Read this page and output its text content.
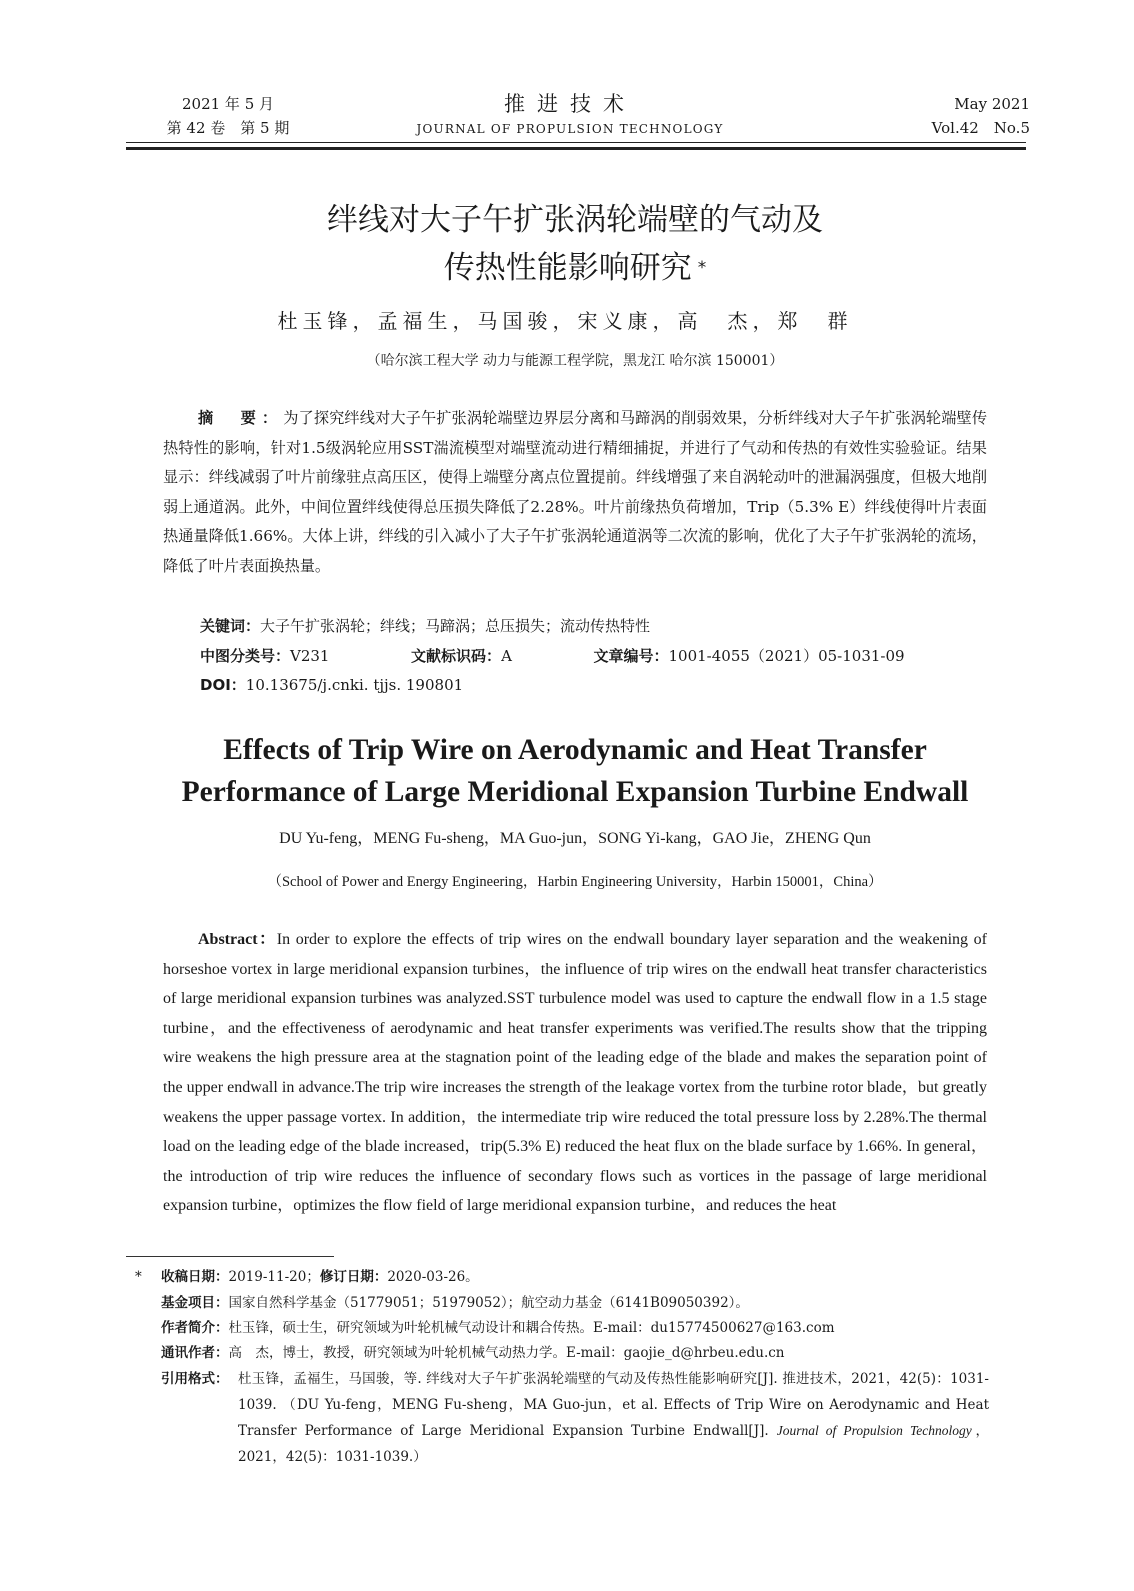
2021 年 5 月
第 42 卷　第 5 期
推进技术
JOURNAL OF PROPULSION TECHNOLOGY
May 2021
Vol.42　No.5
绊线对大子午扩张涡轮端壁的气动及
传热性能影响研究 *
杜玉锋，孟福生，马国骏，宋义康，高　杰，郑　群
（哈尔滨工程大学 动力与能源工程学院，黑龙江 哈尔滨 150001）
摘　要：为了探究绊线对大子午扩张涡轮端壁边界层分离和马蹄涡的削弱效果，分析绊线对大子午扩张涡轮端壁传热特性的影响，针对1.5级涡轮应用SST湍流模型对端壁流动进行精细捕捉，并进行了气动和传热的有效性实验验证。结果显示：绊线减弱了叶片前缘驻点高压区，使得上端壁分离点位置提前。绊线增强了来自涡轮动叶的泄漏涡强度，但极大地削弱上通道涡。此外，中间位置绊线使得总压损失降低了2.28%。叶片前缘热负荷增加，Trip（5.3% E）绊线使得叶片表面热通量降低1.66%。大体上讲，绊线的引入减小了大子午扩张涡轮通道涡等二次流的影响，优化了大子午扩张涡轮的流场，降低了叶片表面换热量。
关键词：大子午扩张涡轮；绊线；马蹄涡；总压损失；流动传热特性
中图分类号：V231	文献标识码：A	文章编号：1001-4055（2021）05-1031-09
DOI：10.13675/j.cnki. tjjs. 190801
Effects of Trip Wire on Aerodynamic and Heat Transfer
Performance of Large Meridional Expansion Turbine Endwall
DU Yu-feng，MENG Fu-sheng，MA Guo-jun，SONG Yi-kang，GAO Jie，ZHENG Qun
（School of Power and Energy Engineering，Harbin Engineering University，Harbin 150001，China）
Abstract：In order to explore the effects of trip wires on the endwall boundary layer separation and the weakening of horseshoe vortex in large meridional expansion turbines，the influence of trip wires on the endwall heat transfer characteristics of large meridional expansion turbines was analyzed.SST turbulence model was used to capture the endwall flow in a 1.5 stage turbine，and the effectiveness of aerodynamic and heat transfer experiments was verified.The results show that the tripping wire weakens the high pressure area at the stagnation point of the leading edge of the blade and makes the separation point of the upper endwall in advance.The trip wire increases the strength of the leakage vortex from the turbine rotor blade，but greatly weakens the upper passage vortex. In addition，the intermediate trip wire reduced the total pressure loss by 2.28%.The thermal load on the leading edge of the blade increased，trip(5.3% E) reduced the heat flux on the blade surface by 1.66%. In general，the introduction of trip wire reduces the influence of secondary flows such as vortices in the passage of large meridional expansion turbine，optimizes the flow field of large meridional expansion turbine，and reduces the heat
* 收稿日期：2019-11-20；修订日期：2020-03-26。
基金项目：国家自然科学基金（51779051；51979052）；航空动力基金（6141B09050392）。
作者简介：杜玉锋，硕士生，研究领域为叶轮机械气动设计和耦合传热。E-mail：du15774500627@163.com
通讯作者：高　杰，博士，教授，研究领域为叶轮机械气动热力学。E-mail：gaojie_d@hrbeu.edu.cn
引用格式： 杜玉锋，孟福生，马国骏，等. 绊线对大子午扩张涡轮端壁的气动及传热性能影响研究[J]. 推进技术，2021，42(5)：1031-1039. （DU Yu-feng，MENG Fu-sheng，MA Guo-jun，et al. Effects of Trip Wire on Aerodynamic and Heat Transfer Performance of Large Meridional Expansion Turbine Endwall[J]. Journal of Propulsion Technology，2021，42(5)：1031-1039.）
